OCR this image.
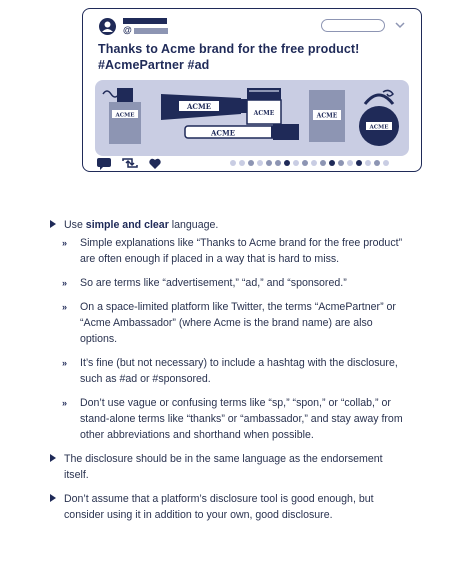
@
Thanks to Acme brand for the free product!
#AcmePartner #ad
ACME
ACME
ACME
ACME	ACME
ACME
Use simple and clear language.
» Simple explanations like “Thanks to Acme brand for the free product” are often enough if placed in a way that is hard to miss.
» So are terms like “advertisement,” “ad,” and “sponsored.”
» On a space-limited platform like Twitter, the terms “AcmePartner” or “Acme Ambassador” (where Acme is the brand name) are also options.
» It’s fine (but not necessary) to include a hashtag with the disclosure, such as #ad or #sponsored.
» Don’t use vague or confusing terms like “sp,” “spon,” or “collab,” or stand-alone terms like “thanks” or “ambassador,” and stay away from other abbreviations and shorthand when possible.
The disclosure should be in the same language as the endorsement itself.
Don’t assume that a platform’s disclosure tool is good enough, but consider using it in addition to your own, good disclosure.
